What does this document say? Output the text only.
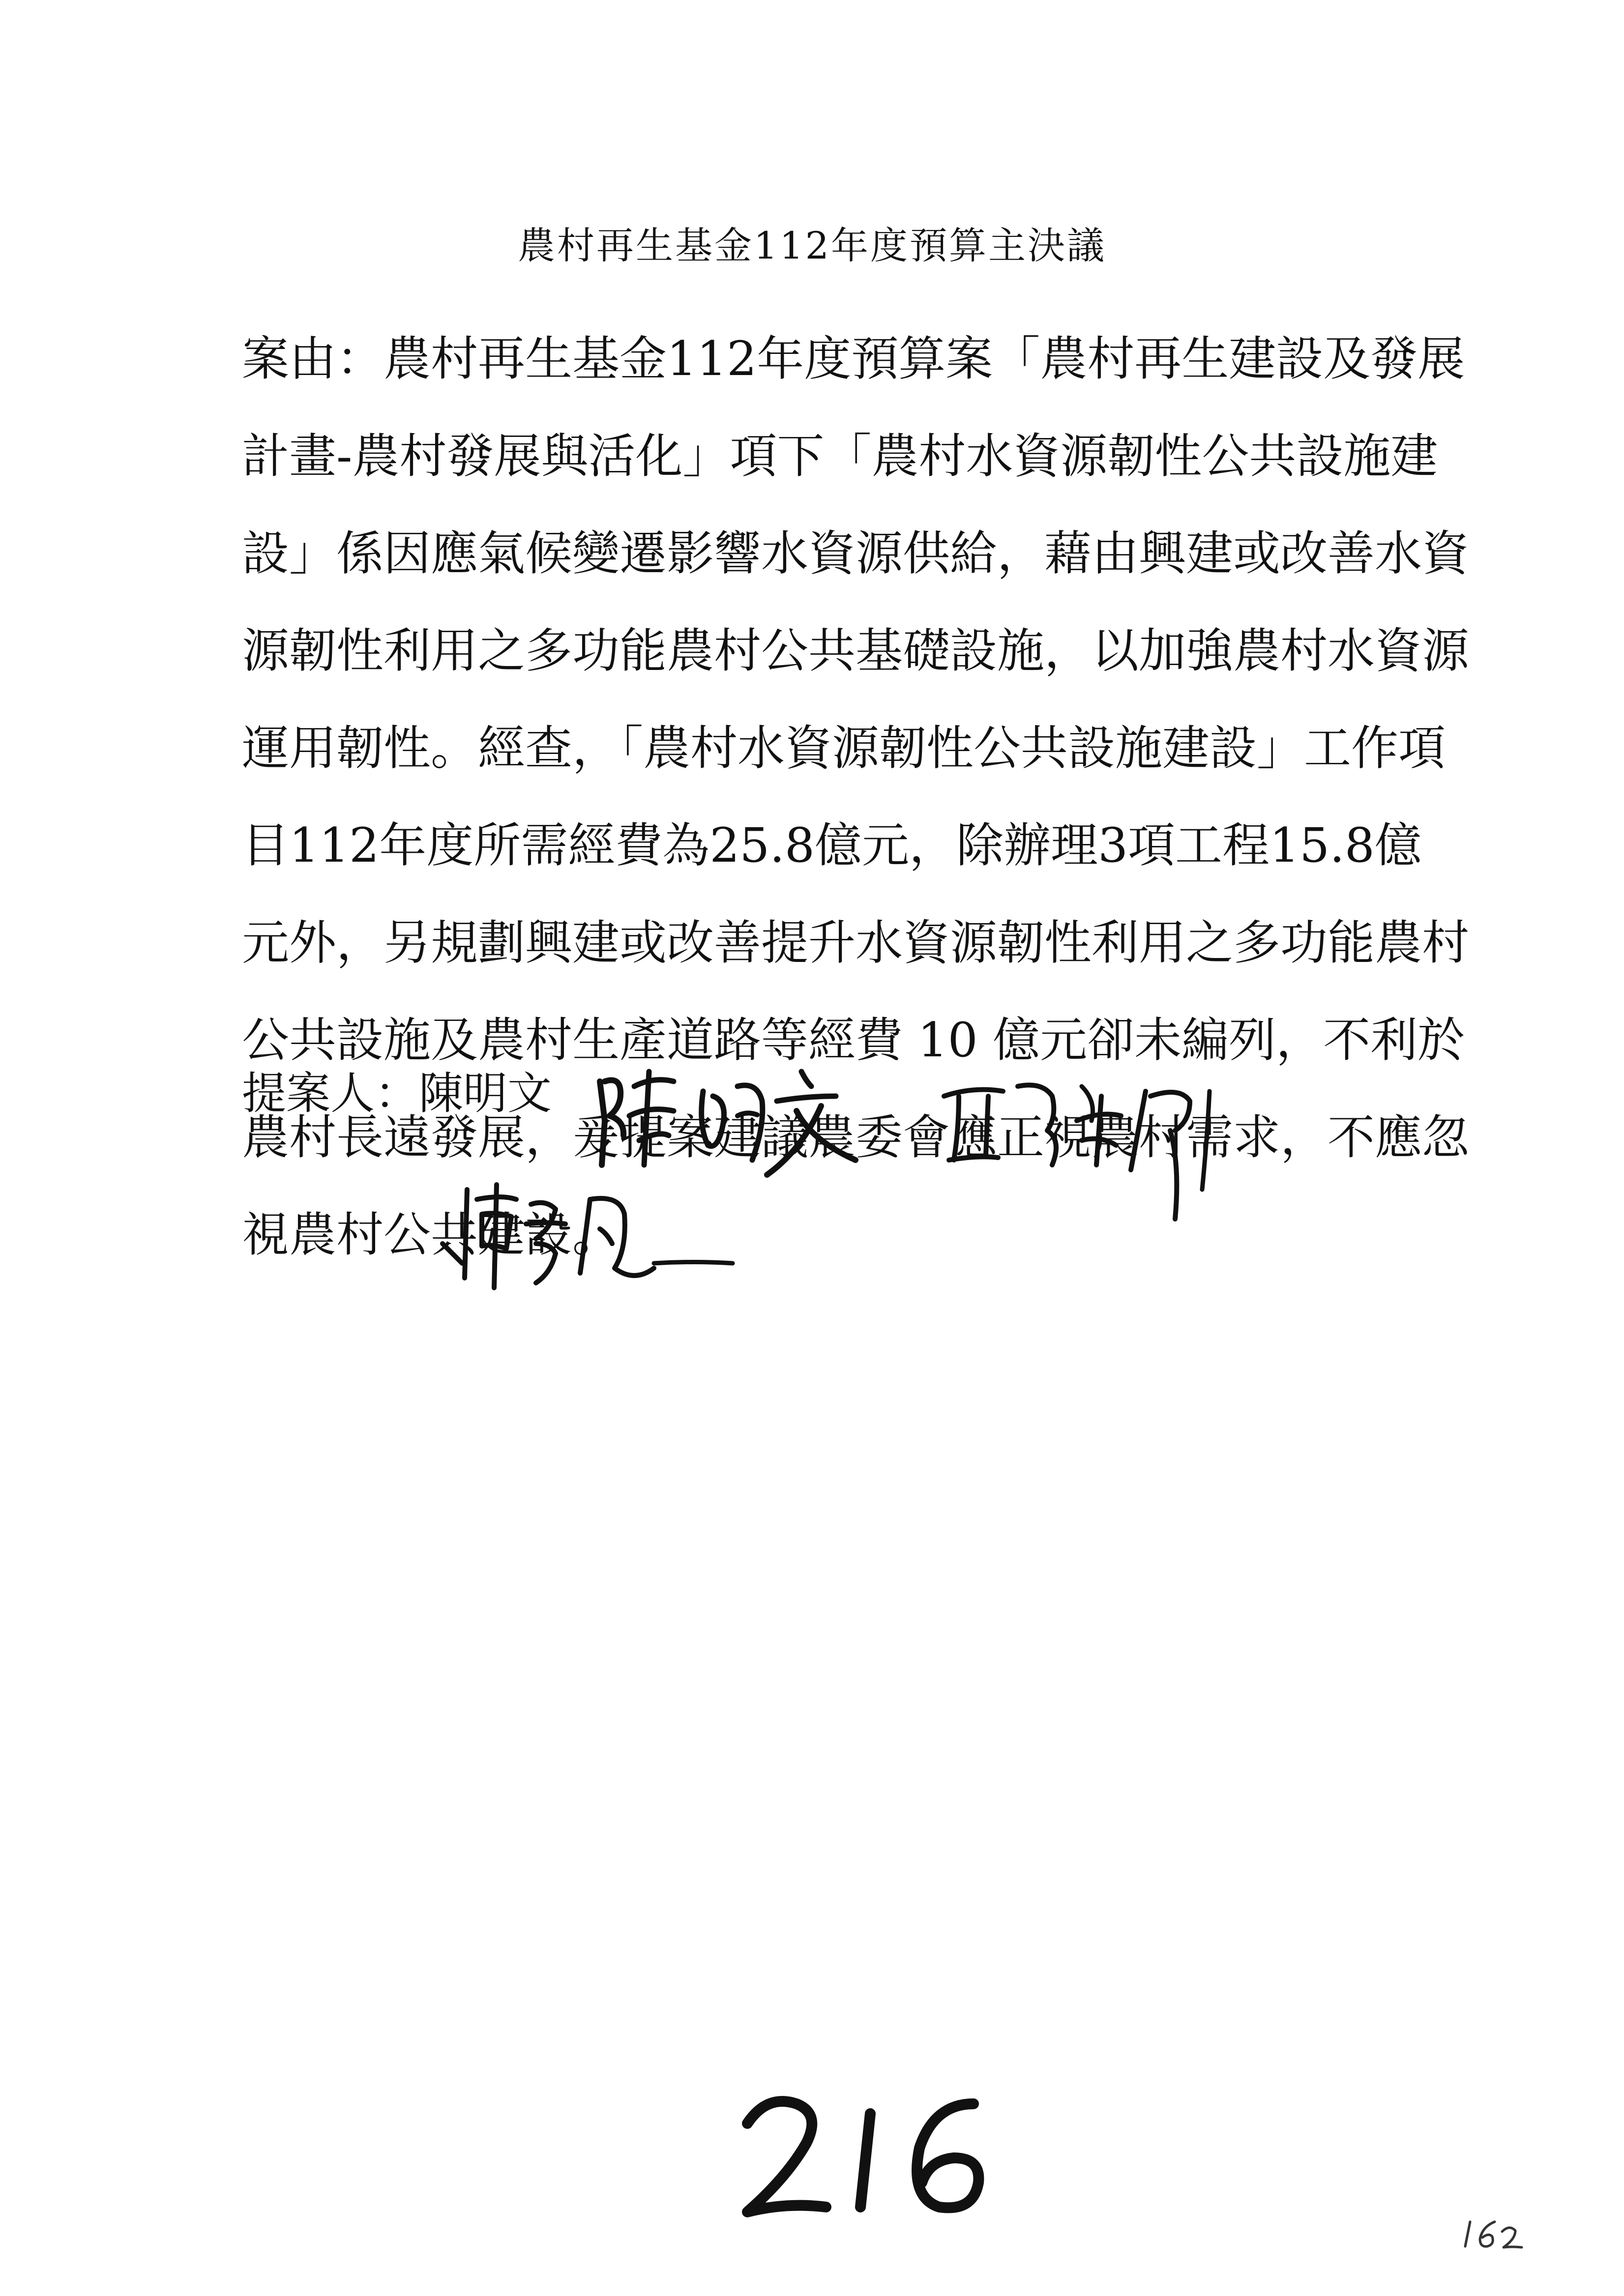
農村再生基金112年度預算主決議
案由：農村再生基金112年度預算案「農村再生建設及發展
計畫-農村發展與活化」項下「農村水資源韌性公共設施建
設」係因應氣候變遷影響水資源供給，藉由興建或改善水資
源韌性利用之多功能農村公共基礎設施，以加強農村水資源
運用韌性。經查，「農村水資源韌性公共設施建設」工作項
目112年度所需經費為25.8億元，除辦理3項工程15.8億
元外，另規劃興建或改善提升水資源韌性利用之多功能農村
公共設施及農村生產道路等經費 10 億元卻未編列，不利於
農村長遠發展，爰提案建議農委會應正視農村需求，不應忽
視農村公共建設。
提案人：陳明文
